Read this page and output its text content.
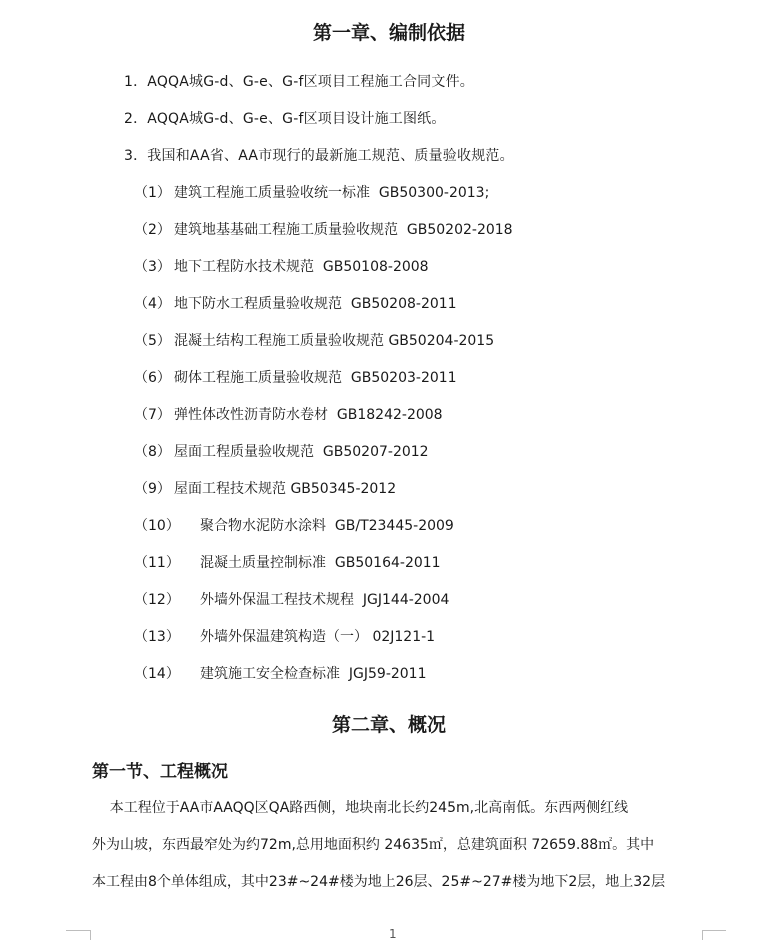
第一章、编制依据
1．AQQA城G-d、G-e、G-f区项目工程施工合同文件。
2．AQQA城G-d、G-e、G-f区项目设计施工图纸。
3．我国和AA省、AA市现行的最新施工规范、质量验收规范。
（1） 建筑工程施工质量验收统一标准  GB50300-2013;
（2） 建筑地基基础工程施工质量验收规范  GB50202-2018
（3） 地下工程防水技术规范  GB50108-2008
（4） 地下防水工程质量验收规范  GB50208-2011
（5） 混凝土结构工程施工质量验收规范 GB50204-2015
（6） 砌体工程施工质量验收规范  GB50203-2011
（7） 弹性体改性沥青防水卷材  GB18242-2008
（8） 屋面工程质量验收规范  GB50207-2012
（9） 屋面工程技术规范 GB50345-2012
（10） 聚合物水泥防水涂料  GB/T23445-2009
（11） 混凝土质量控制标准  GB50164-2011
（12） 外墙外保温工程技术规程  JGJ144-2004
（13） 外墙外保温建筑构造（一） 02J121-1
（14） 建筑施工安全检查标准  JGJ59-2011
第二章、概况
第一节、工程概况
本工程位于AA市AAQQ区QA路西侧，地块南北长约245m,北高南低。东西两侧红线
外为山坡，东西最窄处为约72m,总用地面积约 24635㎡，总建筑面积 72659.88㎡。其中
本工程由8个单体组成，其中23#~24#楼为地上26层、25#~27#楼为地下2层，地上32层
1
